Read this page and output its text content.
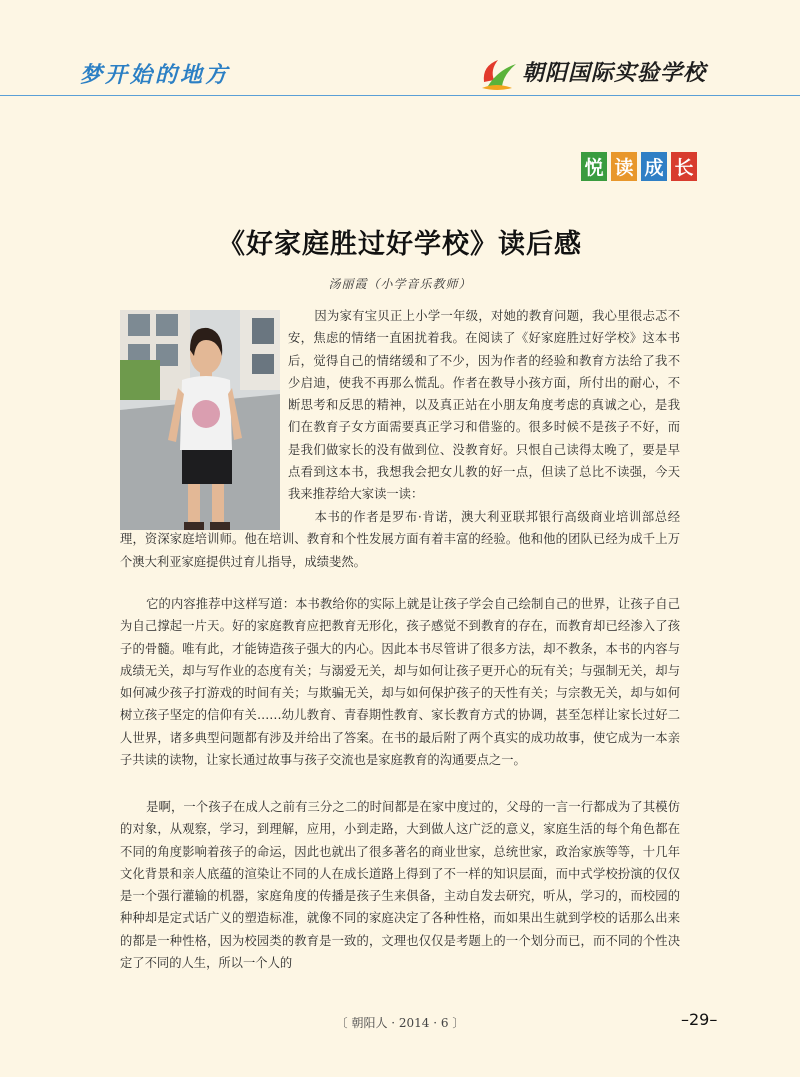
梦开始的地方	朝阳国际实验学校
悦 读 成 长
《好家庭胜过好学校》读后感
汤丽霞（小学音乐教师）

因为家有宝贝正上小学一年级，对她的教育问题，我心里很忐忑不安，焦虑的情绪一直困扰着我。在阅读了《好家庭胜过好学校》这本书后，觉得自己的情绪缓和了不少，因为作者的经验和教育方法给了我不少启迪，使我不再那么慌乱。作者在教导小孩方面，所付出的耐心，不断思考和反思的精神，以及真正站在小朋友角度考虑的真诚之心，是我们在教育子女方面需要真正学习和借鉴的。很多时候不是孩子不好，而是我们做家长的没有做到位、没教育好。只恨自己读得太晚了，要是早点看到这本书，我想我会把女儿教的好一点，但读了总比不读强，今天我来推荐给大家读一读：

本书的作者是罗布·肯诺，澳大利亚联邦银行高级商业培训部总经理，资深家庭培训师。他在培训、教育和个性发展方面有着丰富的经验。他和他的团队已经为成千上万个澳大利亚家庭提供过育儿指导，成绩斐然。

它的内容推荐中这样写道：本书教给你的实际上就是让孩子学会自己绘制自己的世界，让孩子自己为自己撑起一片天。好的家庭教育应把教育无形化，孩子感觉不到教育的存在，而教育却已经渗入了孩子的骨髓。唯有此，才能铸造孩子强大的内心。因此本书尽管讲了很多方法，却不教条，本书的内容与成绩无关，却与写作业的态度有关；与溺爱无关，却与如何让孩子更开心的玩有关；与强制无关，却与如何减少孩子打游戏的时间有关；与欺骗无关，却与如何保护孩子的天性有关；与宗教无关，却与如何树立孩子坚定的信仰有关……幼儿教育、青春期性教育、家长教育方式的协调，甚至怎样让家长过好二人世界，诸多典型问题都有涉及并给出了答案。在书的最后附了两个真实的成功故事，使它成为一本亲子共读的读物，让家长通过故事与孩子交流也是家庭教育的沟通要点之一。

是啊，一个孩子在成人之前有三分之二的时间都是在家中度过的，父母的一言一行都成为了其模仿的对象，从观察，学习，到理解，应用，小到走路，大到做人这广泛的意义，家庭生活的每个角色都在不同的角度影响着孩子的命运，因此也就出了很多著名的商业世家，总统世家，政治家族等等，十几年文化背景和亲人底蕴的渲染让不同的人在成长道路上得到了不一样的知识层面，而中式学校扮演的仅仅是一个强行灌输的机器，家庭角度的传播是孩子生来俱备，主动自发去研究，听从，学习的，而校园的种种却是定式话广义的塑造标准，就像不同的家庭决定了各种性格，而如果出生就到学校的话那么出来的都是一种性格，因为校园类的教育是一致的，文理也仅仅是考题上的一个划分而已，而不同的个性决定了不同的人生，所以一个人的

〔 朝阳人 · 2014 · 6 〕	–29–
